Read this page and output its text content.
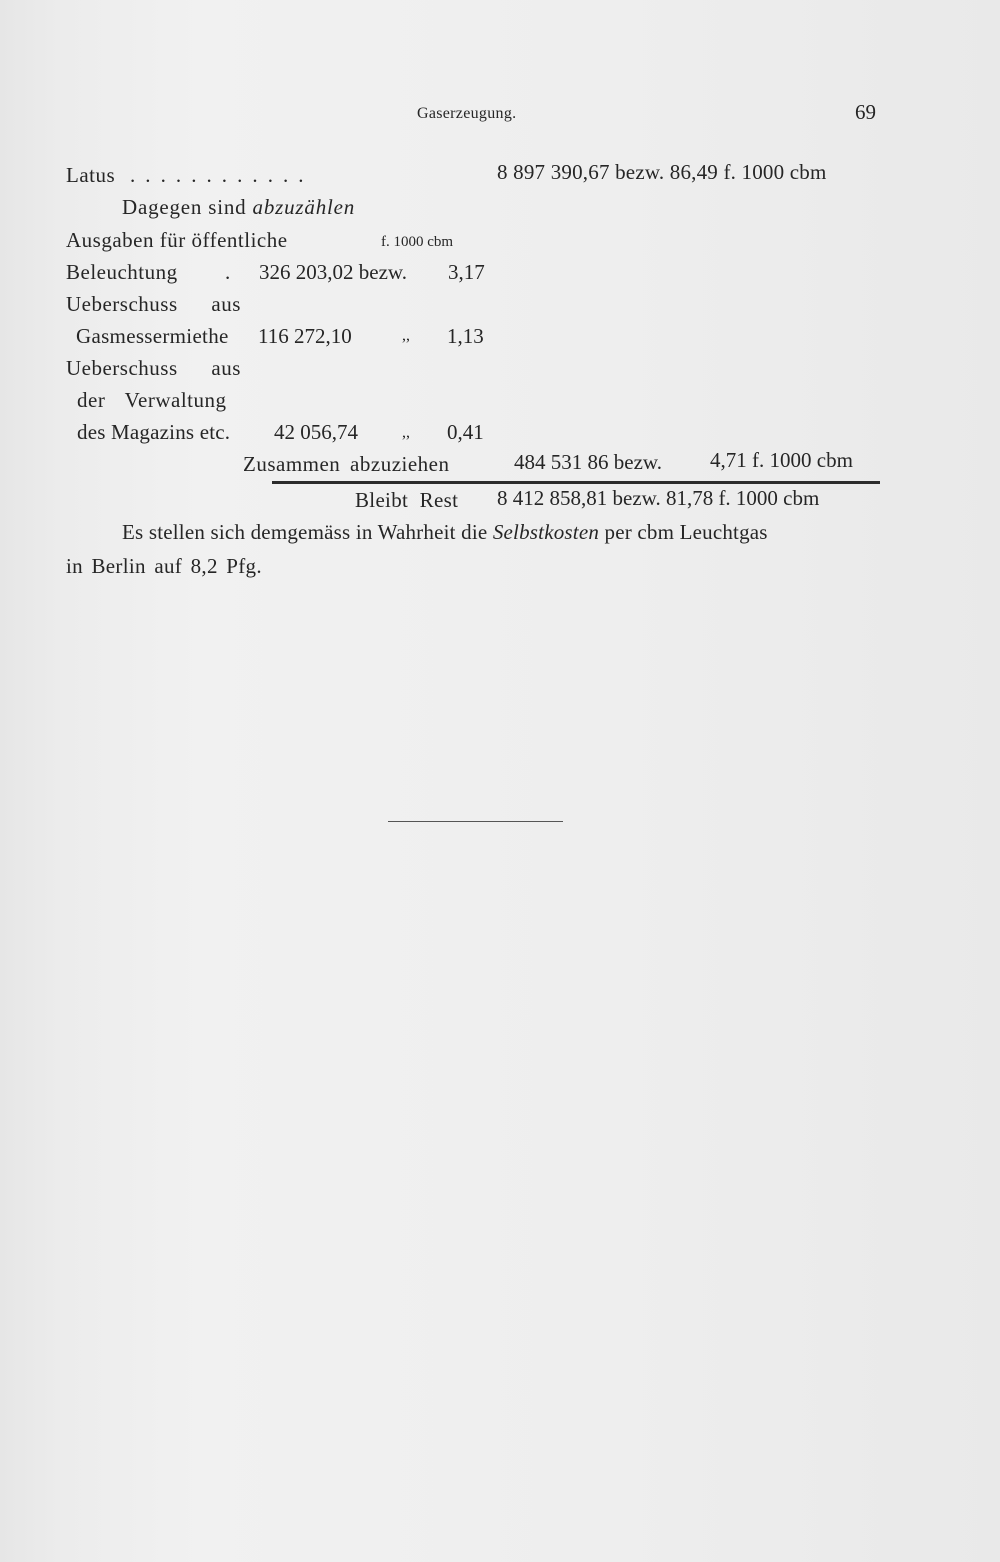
Gaserzeugung.	69
Latus . . . . . . . . . . . .	8 897 390,67 bezw. 86,49 f. 1000 cbm
Dagegen sind abzuzählen
Ausgaben für öffentliche	f. 1000 cbm
Beleuchtung . 326 203,02 bezw. 3,17
Ueberschuss aus
Gasmessermiethe 116 272,10	,, 1,13
Ueberschuss aus
der Verwaltung
des Magazins etc. 42 056,74	,, 0,41
Zusammen abzuziehen	484 531 86 bezw. 4,71 f. 1000 cbm
Bleibt Rest 8 412 858,81 bezw. 81,78 f. 1000 cbm
Es stellen sich demgemäss in Wahrheit die Selbstkosten per cbm Leuchtgas
in Berlin auf 8,2 Pfg.
